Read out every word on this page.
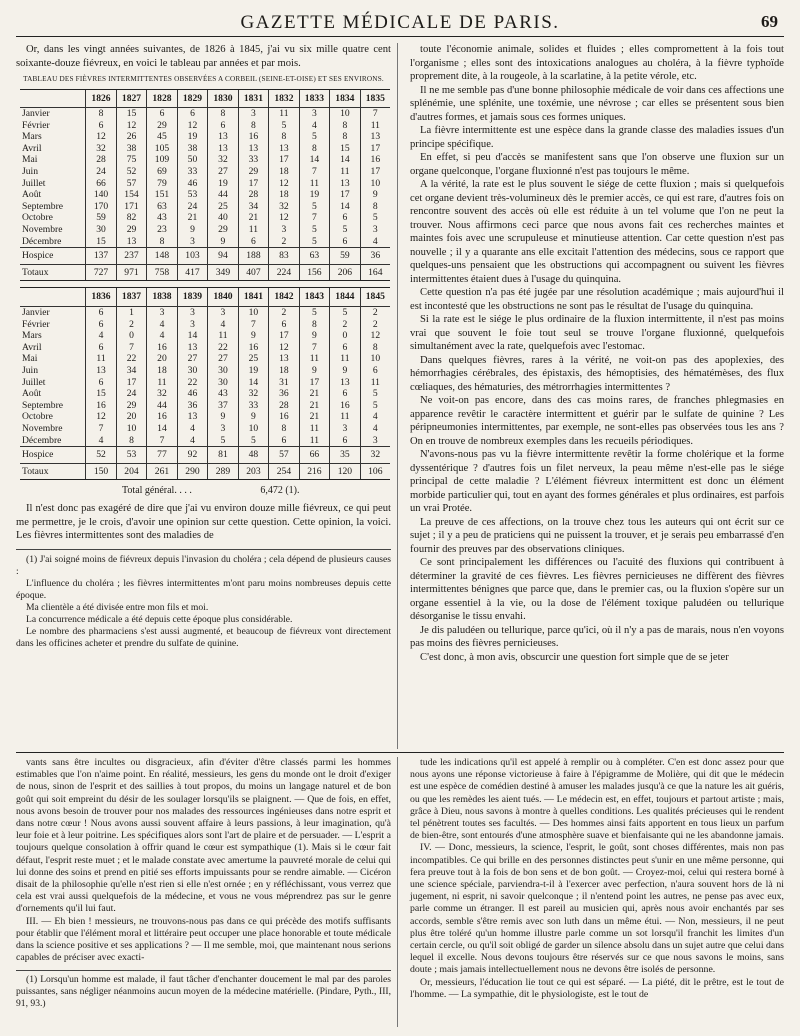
GAZETTE MÉDICALE DE PARIS.	69

Or, dans les vingt années suivantes, de 1826 à 1845, j'ai vu six mille quatre cent soixante-douze fiévreux, en voici le tableau par années et par mois.

TABLEAU DES FIÈVRES INTERMITTENTES OBSERVÉES A CORBEIL (SEINE-ET-OISE) ET SES ENVIRONS.
	1826	1827	1828	1829	1830	1831	1832	1833	1834	1835
Janvier	8	15	6	6	8	3	11	3	10	7
Février	6	12	29	12	6	8	5	4	8	11
Mars	12	26	45	19	13	16	8	5	8	13
Avril	32	38	105	38	13	13	13	8	15	17
Mai	28	75	109	50	32	33	17	14	14	16
Juin	24	52	69	33	27	29	18	7	11	17
Juillet	66	57	79	46	19	17	12	11	13	10
Août	140	154	151	53	44	28	18	19	17	9
Septembre	170	171	63	24	25	34	32	5	14	8
Octobre	59	82	43	21	40	21	12	7	6	5
Novembre	30	29	23	9	29	11	3	5	5	3
Décembre	15	13	8	3	9	6	2	5	6	4
Hospice	137	237	148	103	94	188	83	63	59	36
Totaux	727	971	758	417	349	407	224	156	206	164
	1836	1837	1838	1839	1840	1841	1842	1843	1844	1845
Janvier	6	1	3	3	3	10	2	5	5	2
Février	6	2	4	3	4	7	6	8	2	2
Mars	4	0	4	14	11	9	17	9	0	12
Avril	6	7	16	13	22	16	12	7	6	8
Mai	11	22	20	27	27	25	13	11	11	10
Juin	13	34	18	30	30	19	18	9	9	6
Juillet	6	17	11	22	30	14	31	17	13	11
Août	15	24	32	46	43	32	36	21	6	5
Septembre	16	29	44	36	37	33	28	21	16	5
Octobre	12	20	16	13	9	9	16	21	11	4
Novembre	7	10	14	4	3	10	8	11	3	4
Décembre	4	8	7	4	5	5	6	11	6	3
Hospice	52	53	77	92	81	48	57	66	35	32
Totaux	150	204	261	290	289	203	254	216	120	106
Total général. . . .	6,472 (1).

Il n'est donc pas exagéré de dire que j'ai vu environ douze mille fiévreux, ce qui peut me permettre, je le crois, d'avoir une opinion sur cette question. Cette opinion, la voici. Les fièvres intermittentes sont des maladies de

(1) J'ai soigné moins de fiévreux depuis l'invasion du choléra ; cela dépend de plusieurs causes :

L'influence du choléra ; les fièvres intermittentes m'ont paru moins nombreuses depuis cette époque.

Ma clientèle a été divisée entre mon fils et moi.

La concurrence médicale a été depuis cette époque plus considérable.

Le nombre des pharmaciens s'est aussi augmenté, et beaucoup de fiévreux vont directement dans les officines acheter et prendre du sulfate de quinine.

toute l'économie animale, solides et fluides ; elles compromettent à la fois tout l'organisme ; elles sont des intoxications analogues au choléra, à la fièvre typhoïde proprement dite, à la rougeole, à la scarlatine, à la petite vérole, etc.

Il ne me semble pas d'une bonne philosophie médicale de voir dans ces affections une splénémie, une splénite, une toxémie, une névrose ; car elles se présentent sous bien d'autres formes, et jamais sous ces formes uniques.

La fièvre intermittente est une espèce dans la grande classe des maladies issues d'un principe spécifique.

En effet, si peu d'accès se manifestent sans que l'on observe une fluxion sur un organe quelconque, l'organe fluxionné n'est pas toujours le même.

A la vérité, la rate est le plus souvent le siége de cette fluxion ; mais si quelquefois cet organe devient très-volumineux dès le premier accès, ce qui est rare, d'autres fois on rencontre souvent des accès où elle est réduite à un tel volume que l'on ne peut la trouver. Nous affirmons ceci parce que nous avons fait ces recherches maintes et maintes fois avec une scrupuleuse et minutieuse attention. Car cette question n'est pas nouvelle ; il y a quarante ans elle excitait l'attention des médecins, sous ce rapport que quelques-uns pensaient que les obstructions qui accompagnent ou suivent les fièvres intermittentes étaient dues à l'usage du quinquina.

Cette question n'a pas été jugée par une résolution académique ; mais aujourd'hui il est incontesté que les obstructions ne sont pas le résultat de l'usage du quinquina.

Si la rate est le siége le plus ordinaire de la fluxion intermittente, il n'est pas moins vrai que souvent le foie tout seul se trouve l'organe fluxionné, quelquefois simultanément avec la rate, quelquefois avec l'estomac.

Dans quelques fièvres, rares à la vérité, ne voit-on pas des apoplexies, des hémorrhagies cérébrales, des épistaxis, des hémoptisies, des hématémèses, des flux cœliaques, des hématuries, des métrorrhagies intermittentes ?

Ne voit-on pas encore, dans des cas moins rares, de franches phlegmasies en apparence revêtir le caractère intermittent et guérir par le sulfate de quinine ? Les péripneumonies intermittentes, par exemple, ne sont-elles pas observées tous les ans ? On en trouve de nombreux exemples dans les recueils périodiques.

N'avons-nous pas vu la fièvre intermittente revêtir la forme cholérique et la forme dyssentérique ? d'autres fois un filet nerveux, la peau même n'est-elle pas le siége principal de cette maladie ? L'élément fiévreux intermittent est donc un élément morbide particulier qui, tout en ayant des formes générales et plus ordinaires, est parfois un vrai Protée.

La preuve de ces affections, on la trouve chez tous les auteurs qui ont écrit sur ce sujet ; il y a peu de praticiens qui ne puissent la trouver, et je serais peu embarrassé d'en fournir des preuves par des observations cliniques.

Ce sont principalement les différences ou l'acuité des fluxions qui contribuent à déterminer la gravité de ces fièvres. Les fièvres pernicieuses ne diffèrent des fièvres intermittentes bénignes que parce que, dans le premier cas, ou la fluxion s'opère sur un organe essentiel à la vie, ou la dose de l'élément toxique paludéen ou tellurique désorganise le tissu envahi.

Je dis paludéen ou tellurique, parce qu'ici, où il n'y a pas de marais, nous n'en voyons pas moins des fièvres pernicieuses.

C'est donc, à mon avis, obscurcir une question fort simple que de se jeter

vants sans être incultes ou disgracieux, afin d'éviter d'être classés parmi les hommes estimables que l'on n'aime point. En réalité, messieurs, les gens du monde ont le droit d'exiger de nous, sinon de l'esprit et des saillies à tout propos, du moins un langage naturel et de bon goût qui soit empreint du désir de les soulager lorsqu'ils se plaignent. — Que de fois, en effet, nous avons besoin de trouver pour nos malades des ressources ingénieuses dans notre esprit et dans notre cœur ! Nous avons aussi souvent affaire à leurs passions, à leur imagination, qu'à leur foie et à leur poitrine. Les spécifiques alors sont l'art de plaire et de persuader. — L'esprit a toujours quelque consolation à offrir quand le cœur est sympathique (1). Mais si le cœur fait défaut, l'esprit reste muet ; et le malade constate avec amertume la pauvreté morale de celui qui lui donne des soins et prend en pitié ses efforts impuissants pour se rendre aimable. — Cicéron disait de la philosophie qu'elle n'est rien si elle n'est ornée ; en y réfléchissant, vous verrez que cela est vrai aussi quelquefois de la médecine, et vous ne vous méprendrez pas sur le genre d'ornements qu'il lui faut.

III. — Eh bien ! messieurs, ne trouvons-nous pas dans ce qui précède des motifs suffisants pour établir que l'élément moral et littéraire peut occuper une place honorable et toute médicale dans la science positive et ses applications ? — Il me semble, moi, que maintenant nous serions capables de préciser avec exacti-

(1) Lorsqu'un homme est malade, il faut tâcher d'enchanter doucement le mal par des paroles puissantes, sans négliger néanmoins aucun moyen de la médecine matérielle. (Pindare, Pyth., III, 91, 93.)

tude les indications qu'il est appelé à remplir ou à compléter. C'en est donc assez pour que nous ayons une réponse victorieuse à faire à l'épigramme de Molière, qui dit que le médecin est une espèce de comédien destiné à amuser les malades jusqu'à ce que la nature les ait guéris, ou que les remèdes les aient tués. — Le médecin est, en effet, toujours et partout artiste ; mais, grâce à Dieu, nous savons à montre à quelles conditions. Les qualités précieuses qui le rendent tel pénètrent toutes ses facultés. — Des hommes ainsi faits apportent en tous lieux un parfum de bien-être, sont entourés d'une atmosphère suave et bienfaisante qui ne les abandonne jamais.

IV. — Donc, messieurs, la science, l'esprit, le goût, sont choses différentes, mais non pas incompatibles. Ce qui brille en des personnes distinctes peut s'unir en une même personne, qui fera preuve tout à la fois de bon sens et de bon goût. — Croyez-moi, celui qui restera borné à une science spéciale, parviendra-t-il à l'exercer avec perfection, n'aura souvent hors de là ni jugement, ni esprit, ni savoir quelconque ; il n'entend point les autres, ne pense pas avec eux, parle comme un étranger. Il est pareil au musicien qui, après nous avoir enchantés par ses accords, semble s'être remis avec son luth dans un même étui. — Non, messieurs, il ne peut plus être toléré qu'un homme illustre parle comme un sot lorsqu'il franchit les limites d'un certain cercle, ou qu'il soit obligé de garder un silence absolu dans un sujet autre que celui dans lequel il excelle. Nous devons toujours être réservés sur ce que nous savons le moins, sans doute ; mais jamais intellectuellement nous ne devons être isolés de personne.

Or, messieurs, l'éducation lie tout ce qui est séparé. — La piété, dit le prêtre, est le tout de l'homme. — La sympathie, dit le physiologiste, est le tout de
